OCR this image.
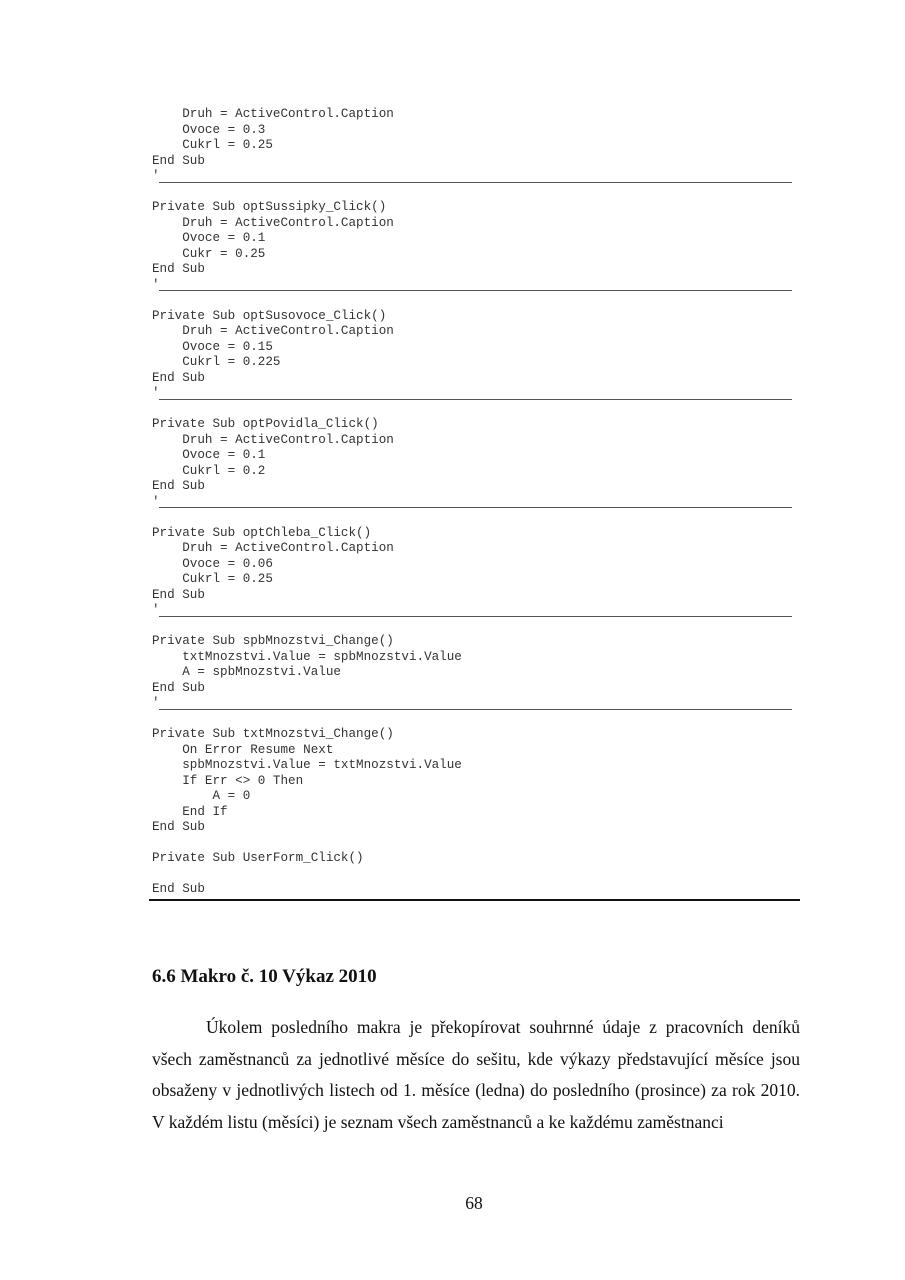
Druh = ActiveControl.Caption
Ovoce = 0.3
Cukrl = 0.25
End Sub
'
Private Sub optSussipky_Click()
Druh = ActiveControl.Caption
Ovoce = 0.1
Cukr = 0.25
End Sub
'
Private Sub optSusovoce_Click()
Druh = ActiveControl.Caption
Ovoce = 0.15
Cukrl = 0.225
End Sub
'
Private Sub optPovidla_Click()
Druh = ActiveControl.Caption
Ovoce = 0.1
Cukrl = 0.2
End Sub
'
Private Sub optChleba_Click()
Druh = ActiveControl.Caption
Ovoce = 0.06
Cukrl = 0.25
End Sub
'
Private Sub spbMnozstvi_Change()
txtMnozstvi.Value = spbMnozstvi.Value
A = spbMnozstvi.Value
End Sub
'
Private Sub txtMnozstvi_Change()
On Error Resume Next
spbMnozstvi.Value = txtMnozstvi.Value
If Err <> 0 Then
A = 0
End If
End Sub
Private Sub UserForm_Click()
End Sub
6.6 Makro č. 10 Výkaz 2010

Úkolem posledního makra je překopírovat souhrnné údaje z pracovních deníků všech zaměstnanců za jednotlivé měsíce do sešitu, kde výkazy představující měsíce jsou obsaženy v jednotlivých listech od 1. měsíce (ledna) do posledního (prosince) za rok 2010. V každém listu (měsíci) je seznam všech zaměstnanců a ke každému zaměstnanci

68
